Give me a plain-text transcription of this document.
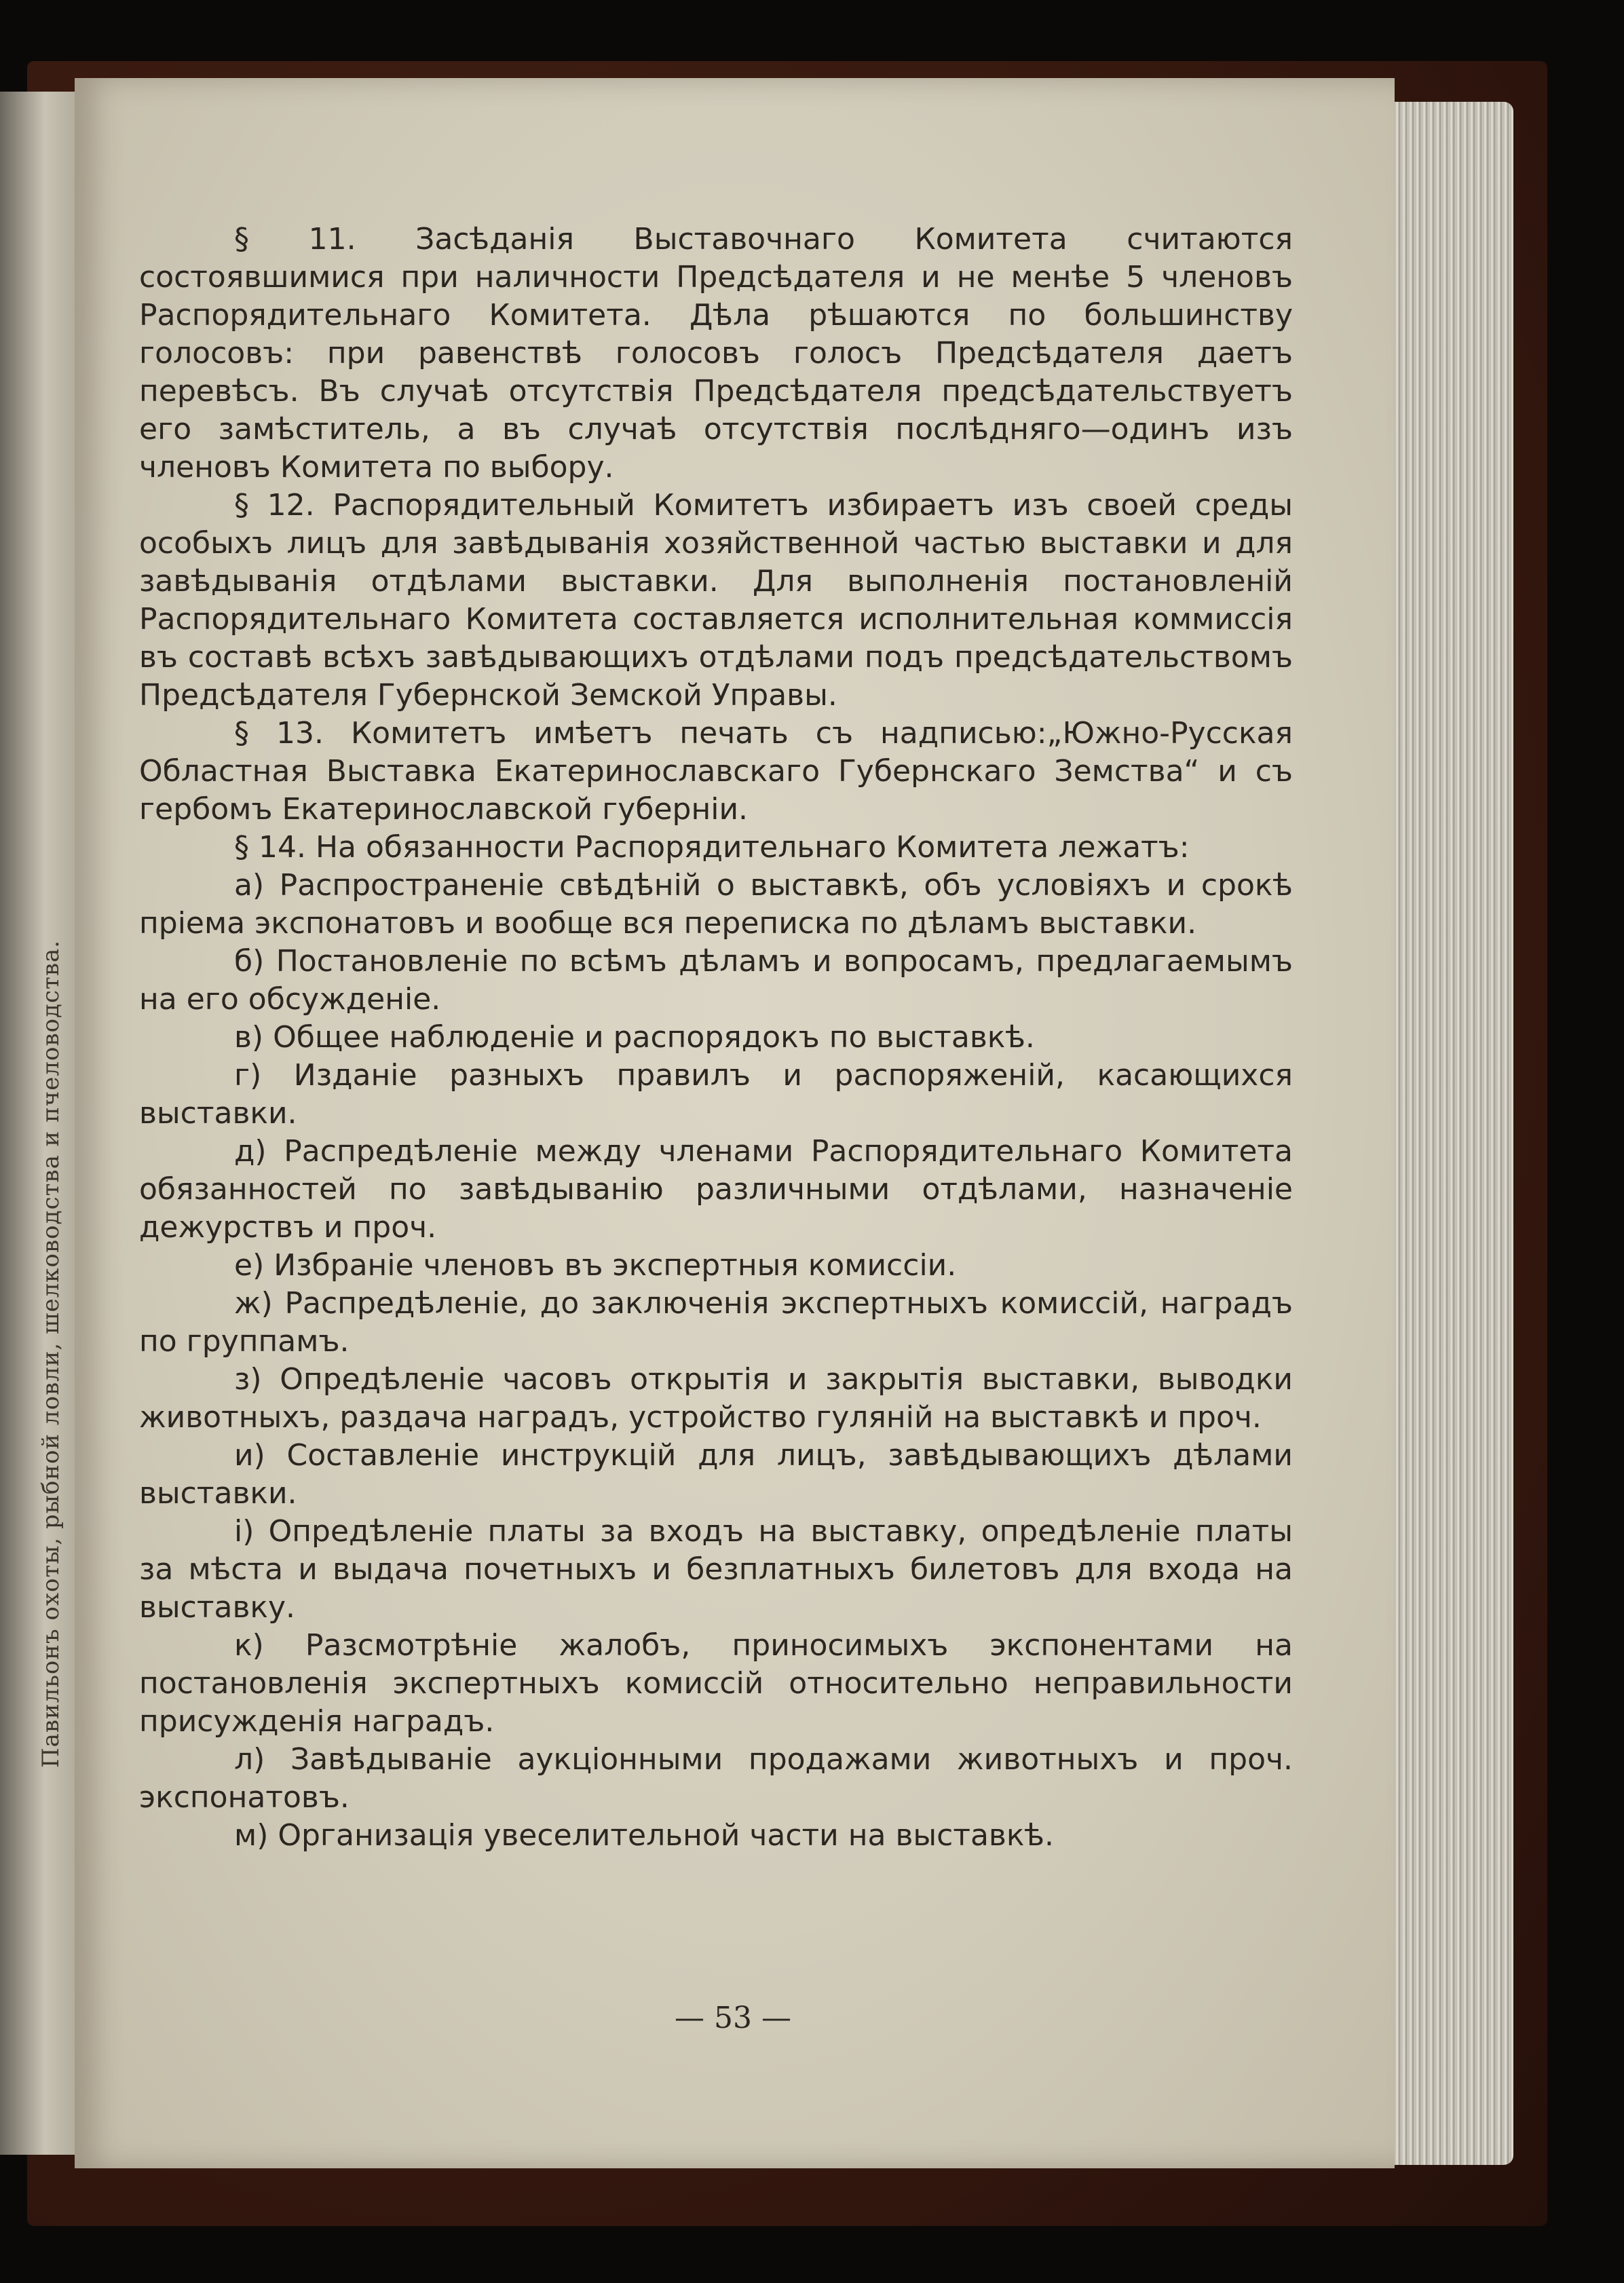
Павильонъ охоты, рыбной ловли, шелководства и пчеловодства.

§ 11. Засѣданія Выставочнаго Комитета считаются состоявшимися при наличности Предсѣдателя и не менѣе 5 членовъ Распорядительнаго Комитета. Дѣла рѣшаются по большинству голосовъ: при равенствѣ голосовъ голосъ Предсѣдателя даетъ перевѣсъ. Въ случаѣ отсутствія Предсѣдателя предсѣдательствуетъ его замѣститель, а въ случаѣ отсутствія послѣдняго—одинъ изъ членовъ Комитета по выбору.

§ 12. Распорядительный Комитетъ избираетъ изъ своей среды особыхъ лицъ для завѣдыванія хозяйственной частью выставки и для завѣдыванія отдѣлами выставки. Для выполненія постановленій Распорядительнаго Комитета составляется исполнительная коммиссія въ составѣ всѣхъ завѣдывающихъ отдѣлами подъ предсѣдательствомъ Предсѣдателя Губернской Земской Управы.

§ 13. Комитетъ имѣетъ печать съ надписью:„Южно-Русская Областная Выставка Екатеринославскаго Губернскаго Земства“ и съ гербомъ Екатеринославской губерніи.

§ 14. На обязанности Распорядительнаго Комитета лежатъ:

а) Распространеніе свѣдѣній о выставкѣ, объ условіяхъ и срокѣ пріема экспонатовъ и вообще вся переписка по дѣламъ выставки.

б) Постановленіе по всѣмъ дѣламъ и вопросамъ, предлагаемымъ на его обсужденіе.

в) Общее наблюденіе и распорядокъ по выставкѣ.

г) Изданіе разныхъ правилъ и распоряженій, касающихся выставки.

д) Распредѣленіе между членами Распорядительнаго Комитета обязанностей по завѣдыванію различными отдѣлами, назначеніе дежурствъ и проч.

е) Избраніе членовъ въ экспертныя комиссіи.

ж) Распредѣленіе, до заключенія экспертныхъ комиссій, наградъ по группамъ.

з) Опредѣленіе часовъ открытія и закрытія выставки, выводки животныхъ, раздача наградъ, устройство гуляній на выставкѣ и проч.

и) Составленіе инструкцій для лицъ, завѣдывающихъ дѣлами выставки.

і) Опредѣленіе платы за входъ на выставку, опредѣленіе платы за мѣста и выдача почетныхъ и безплатныхъ билетовъ для входа на выставку.

к) Разсмотрѣніе жалобъ, приносимыхъ экспонентами на постановленія экспертныхъ комиссій относительно неправильности присужденія наградъ.

л) Завѣдываніе аукціонными продажами животныхъ и проч. экспонатовъ.

м) Организація увеселительной части на выставкѣ.

— 53 —
